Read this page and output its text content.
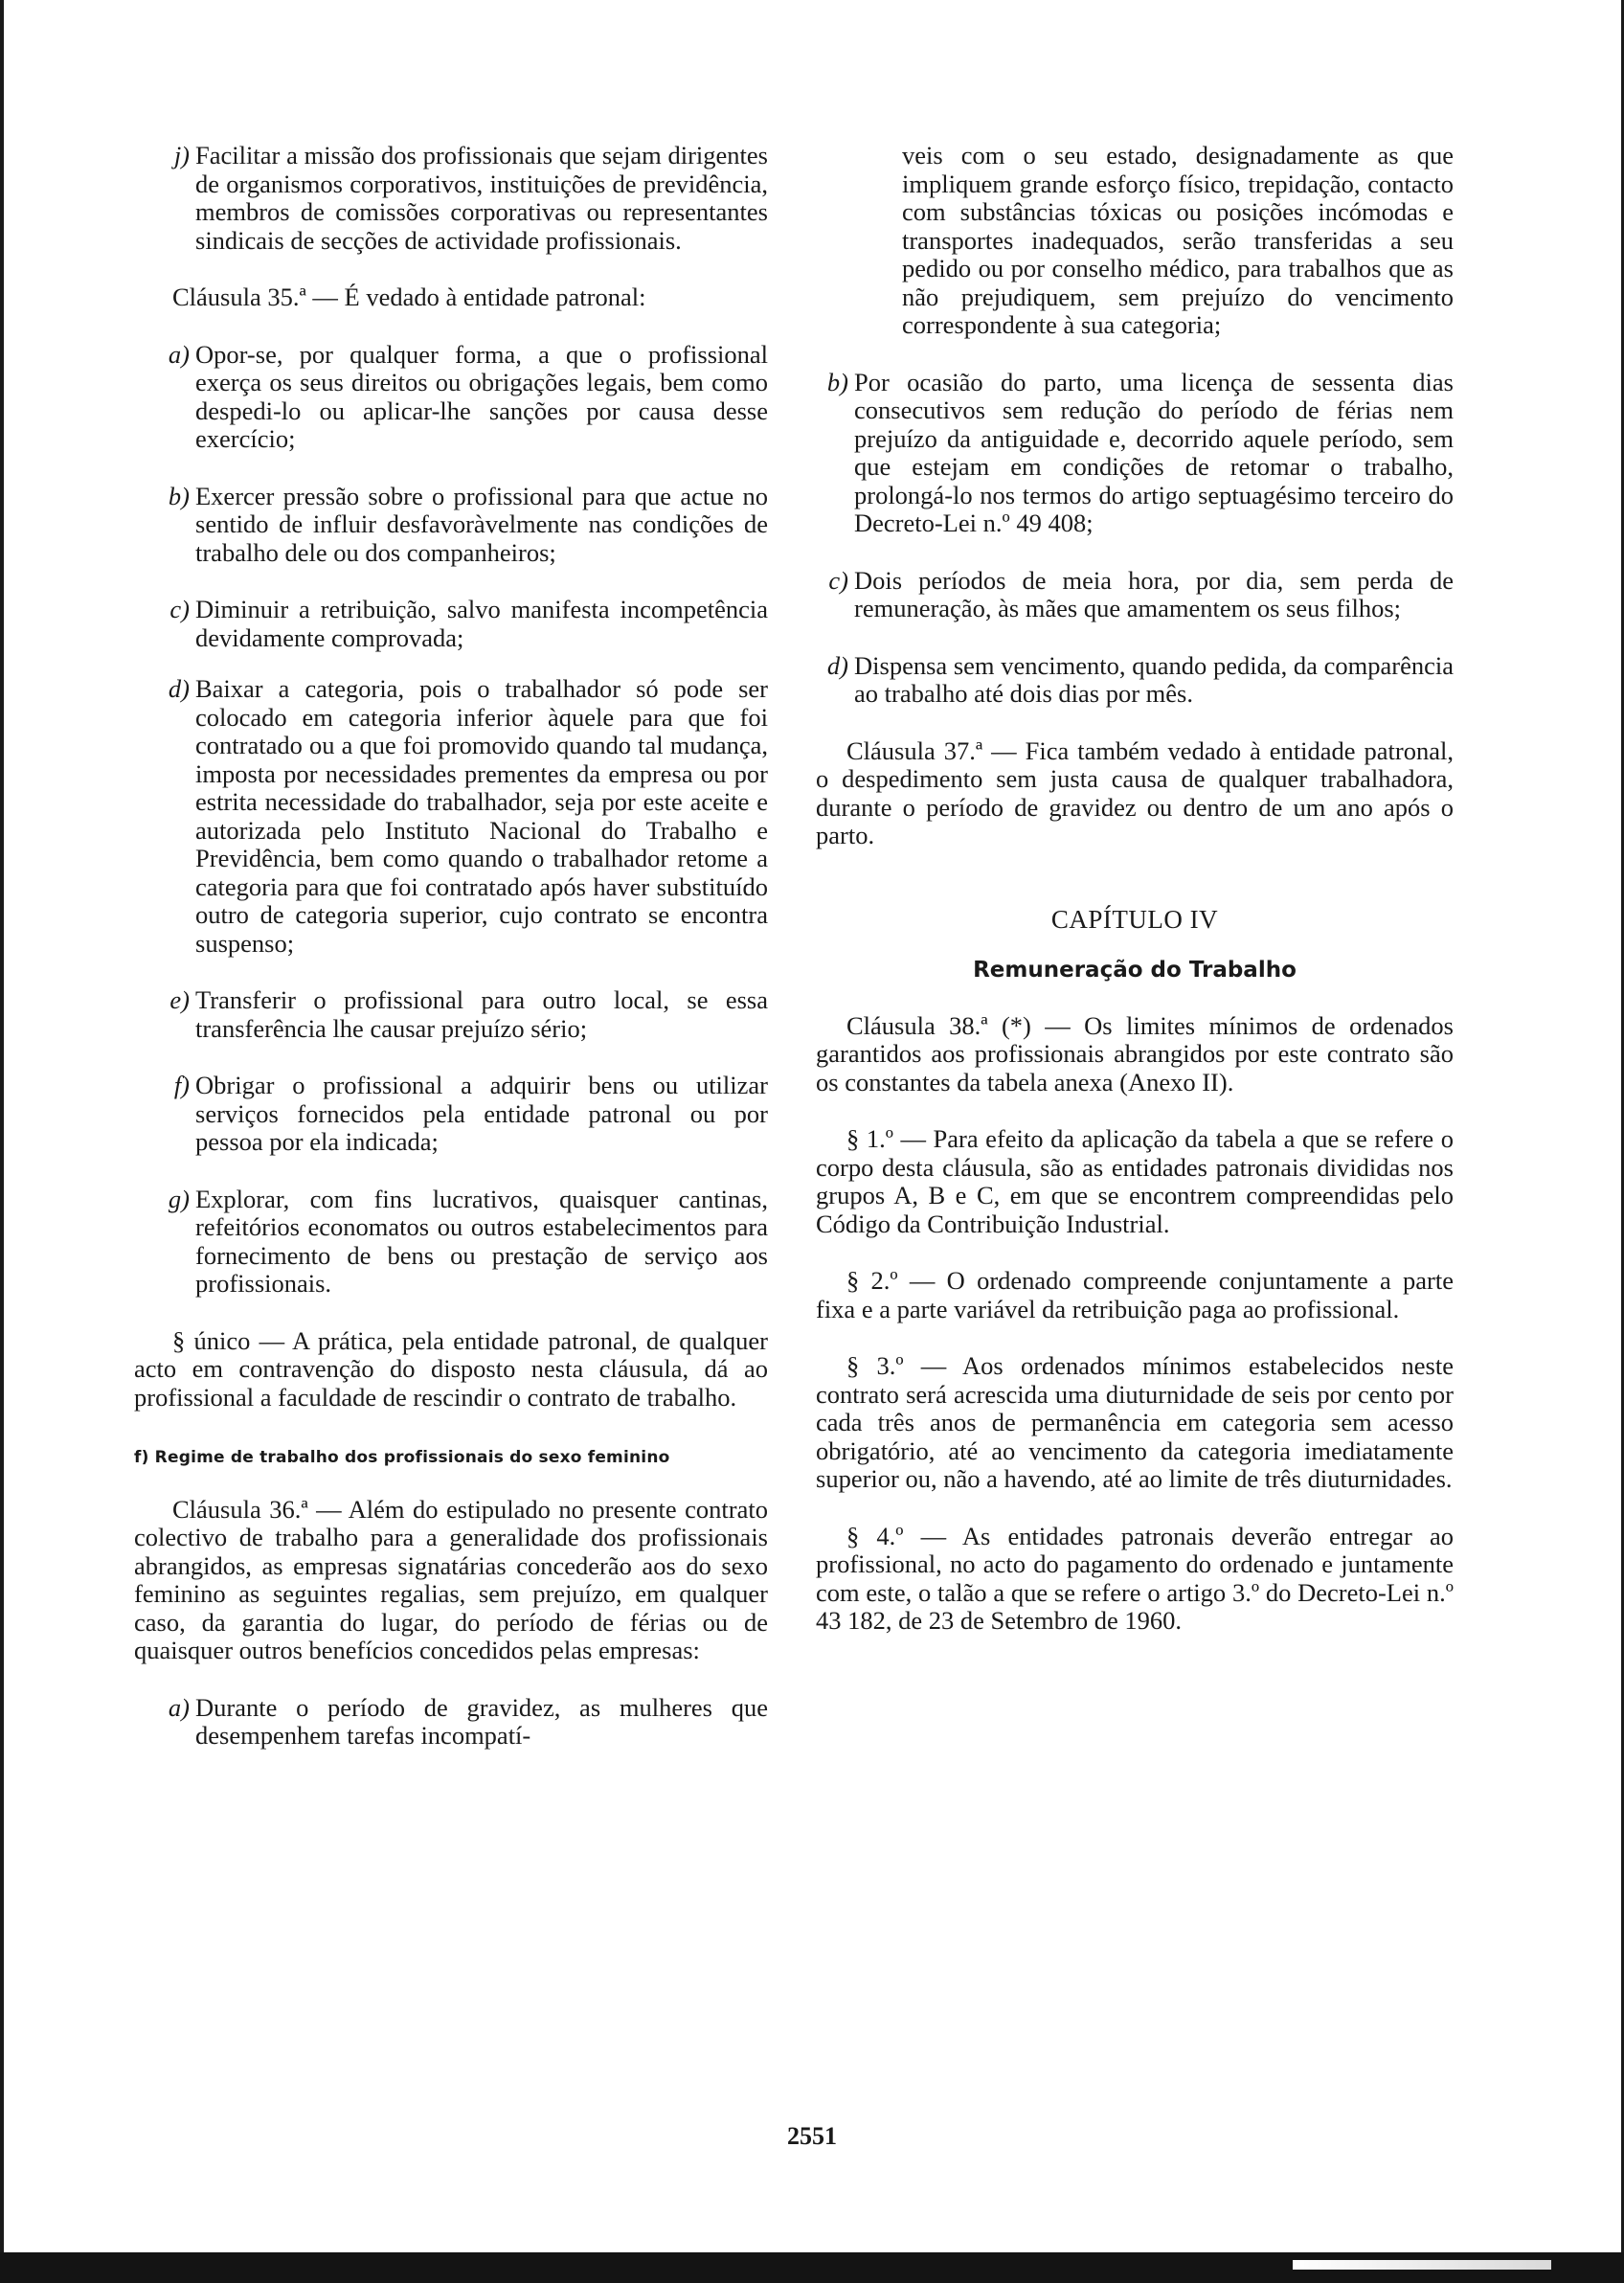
j) Facilitar a missão dos profissionais que sejam dirigentes de organismos corporativos, instituições de previdência, membros de comissões corporativas ou representantes sindicais de secções de actividade profissionais.

Cláusula 35.ª — É vedado à entidade patronal:

a) Opor-se, por qualquer forma, a que o profissional exerça os seus direitos ou obrigações legais, bem como despedi-lo ou aplicar-lhe sanções por causa desse exercício;
b) Exercer pressão sobre o profissional para que actue no sentido de influir desfavoràvelmente nas condições de trabalho dele ou dos companheiros;
c) Diminuir a retribuição, salvo manifesta incompetência devidamente comprovada;
d) Baixar a categoria, pois o trabalhador só pode ser colocado em categoria inferior àquele para que foi contratado ou a que foi promovido quando tal mudança, imposta por necessidades prementes da empresa ou por estrita necessidade do trabalhador, seja por este aceite e autorizada pelo Instituto Nacional do Trabalho e Previdência, bem como quando o trabalhador retome a categoria para que foi contratado após haver substituído outro de categoria superior, cujo contrato se encontra suspenso;
e) Transferir o profissional para outro local, se essa transferência lhe causar prejuízo sério;
f) Obrigar o profissional a adquirir bens ou utilizar serviços fornecidos pela entidade patronal ou por pessoa por ela indicada;
g) Explorar, com fins lucrativos, quaisquer cantinas, refeitórios economatos ou outros estabelecimentos para fornecimento de bens ou prestação de serviço aos profissionais.

§ único — A prática, pela entidade patronal, de qualquer acto em contravenção do disposto nesta cláusula, dá ao profissional a faculdade de rescindir o contrato de trabalho.

f) Regime de trabalho dos profissionais do sexo feminino

Cláusula 36.ª — Além do estipulado no presente contrato colectivo de trabalho para a generalidade dos profissionais abrangidos, as empresas signatárias concederão aos do sexo feminino as seguintes regalias, sem prejuízo, em qualquer caso, da garantia do lugar, do período de férias ou de quaisquer outros benefícios concedidos pelas empresas:

a) Durante o período de gravidez, as mulheres que desempenhem tarefas incompatí-

veis com o seu estado, designadamente as que impliquem grande esforço físico, trepidação, contacto com substâncias tóxicas ou posições incómodas e transportes inadequados, serão transferidas a seu pedido ou por conselho médico, para trabalhos que as não prejudiquem, sem prejuízo do vencimento correspondente à sua categoria;

b) Por ocasião do parto, uma licença de sessenta dias consecutivos sem redução do período de férias nem prejuízo da antiguidade e, decorrido aquele período, sem que estejam em condições de retomar o trabalho, prolongá-lo nos termos do artigo septuagésimo terceiro do Decreto-Lei n.º 49 408;
c) Dois períodos de meia hora, por dia, sem perda de remuneração, às mães que amamentem os seus filhos;
d) Dispensa sem vencimento, quando pedida, da comparência ao trabalho até dois dias por mês.

Cláusula 37.ª — Fica também vedado à entidade patronal, o despedimento sem justa causa de qualquer trabalhadora, durante o período de gravidez ou dentro de um ano após o parto.

CAPÍTULO IV

Remuneração do Trabalho

Cláusula 38.ª (*) — Os limites mínimos de ordenados garantidos aos profissionais abrangidos por este contrato são os constantes da tabela anexa (Anexo II).

§ 1.º — Para efeito da aplicação da tabela a que se refere o corpo desta cláusula, são as entidades patronais divididas nos grupos A, B e C, em que se encontrem compreendidas pelo Código da Contribuição Industrial.

§ 2.º — O ordenado compreende conjuntamente a parte fixa e a parte variável da retribuição paga ao profissional.

§ 3.º — Aos ordenados mínimos estabelecidos neste contrato será acrescida uma diuturnidade de seis por cento por cada três anos de permanência em categoria sem acesso obrigatório, até ao vencimento da categoria imediatamente superior ou, não a havendo, até ao limite de três diuturnidades.

§ 4.º — As entidades patronais deverão entregar ao profissional, no acto do pagamento do ordenado e juntamente com este, o talão a que se refere o artigo 3.º do Decreto-Lei n.º 43 182, de 23 de Setembro de 1960.

2551
